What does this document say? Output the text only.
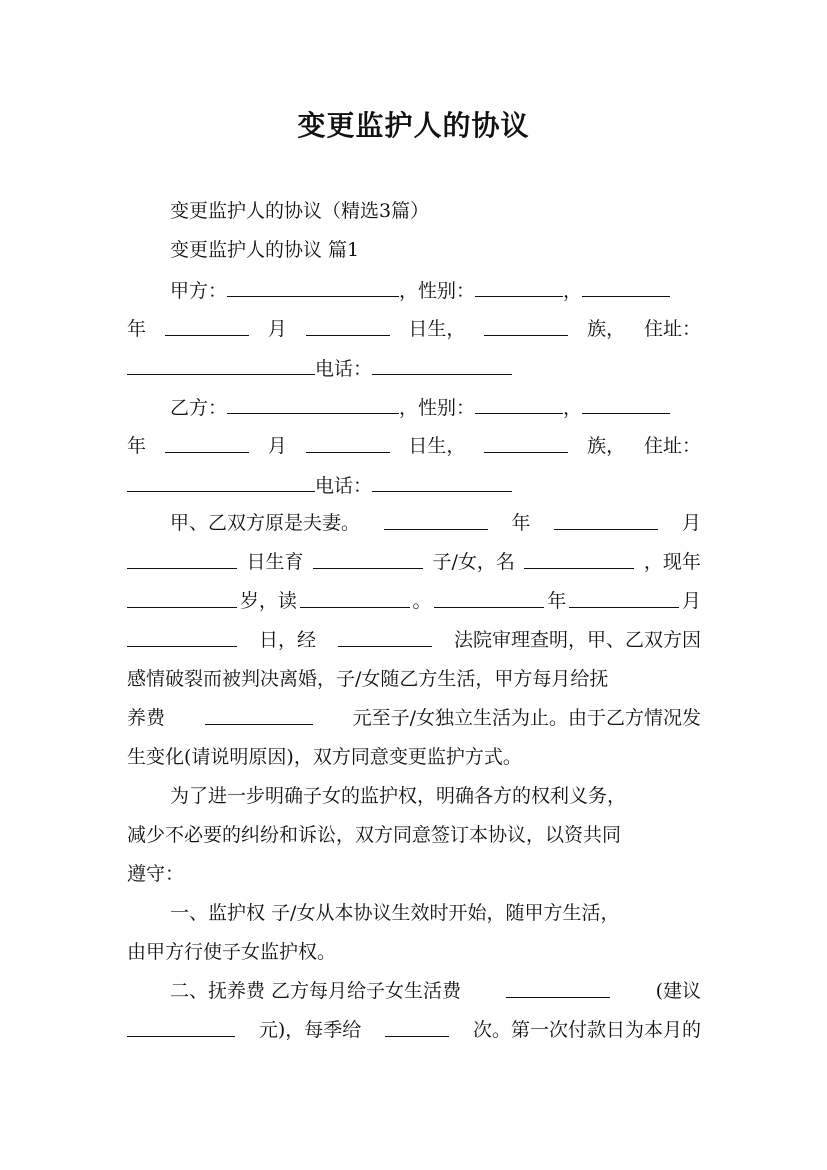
变更监护人的协议
变更监护人的协议（精选3篇）
变更监护人的协议 篇1
甲方：	，性别：	，
年	月	日生，	族， 住址：
电话：
乙方：	，性别：	，
年	月	日生，	族， 住址：
电话：
甲、乙双方原是夫妻。	年	月
日生育	子/女，名	，现年
岁，读	。	年	月
日，经	法院审理查明，甲、乙双方因
感情破裂而被判决离婚，子/女随乙方生活，甲方每月给抚
养费	元至子/女独立生活为止。由于乙方情况发
生变化(请说明原因)，双方同意变更监护方式。
为了进一步明确子女的监护权，明确各方的权利义务，
减少不必要的纠纷和诉讼，双方同意签订本协议，以资共同
遵守：
一、监护权 子/女从本协议生效时开始，随甲方生活，
由甲方行使子女监护权。
二、抚养费 乙方每月给子女生活费	(建议
元)，每季给	次。第一次付款日为本月的
